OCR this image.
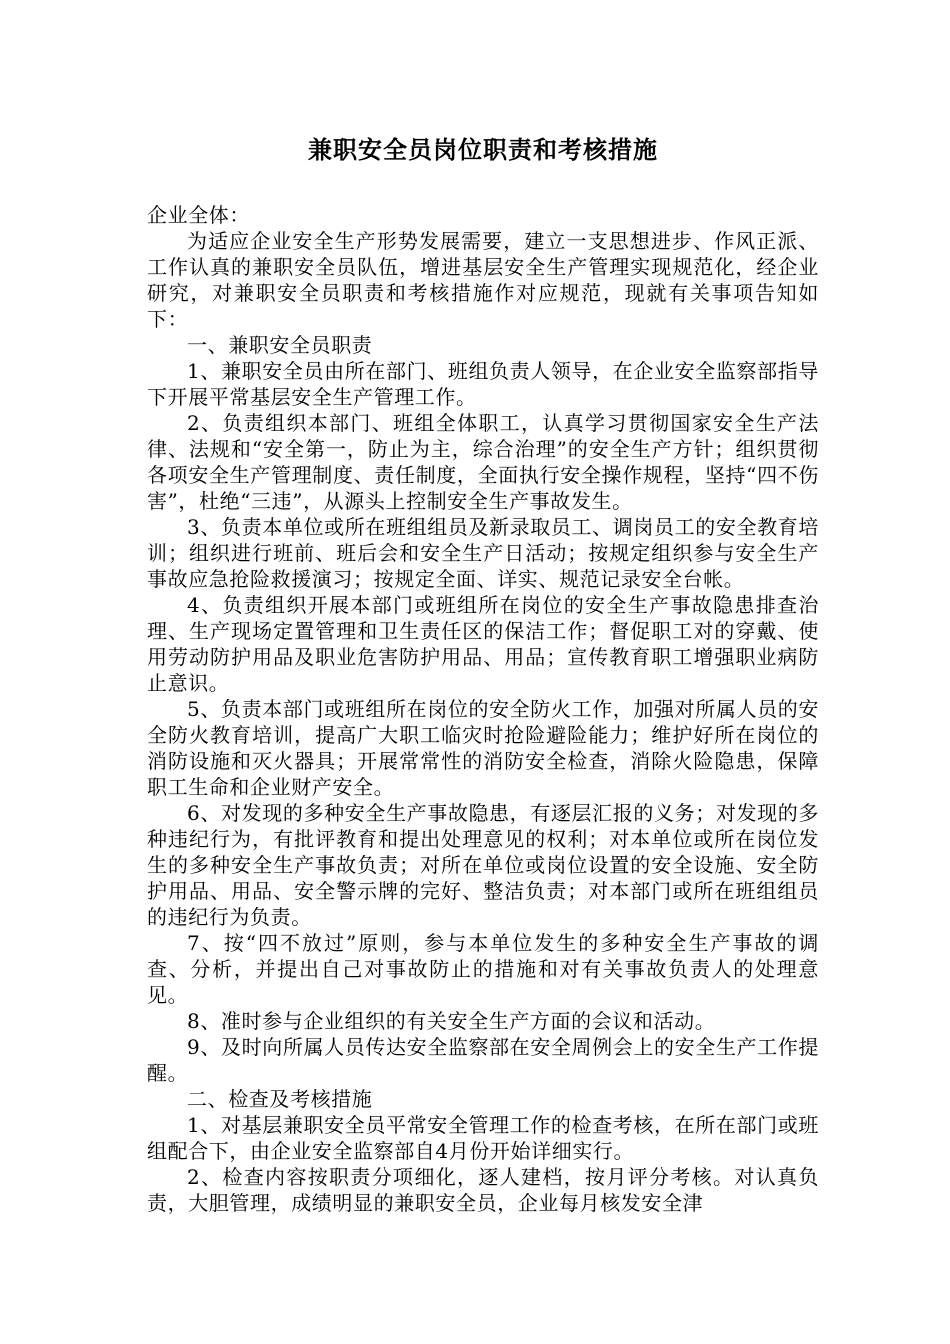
兼职安全员岗位职责和考核措施
企业全体：

为适应企业安全生产形势发展需要，建立一支思想进步、作风正派、工作认真的兼职安全员队伍，增进基层安全生产管理实现规范化，经企业研究，对兼职安全员职责和考核措施作对应规范，现就有关事项告知如下：

一、兼职安全员职责

1、兼职安全员由所在部门、班组负责人领导，在企业安全监察部指导下开展平常基层安全生产管理工作。

2、负责组织本部门、班组全体职工，认真学习贯彻国家安全生产法律、法规和“安全第一，防止为主，综合治理”的安全生产方针；组织贯彻各项安全生产管理制度、责任制度，全面执行安全操作规程，坚持“四不伤害”，杜绝“三违”，从源头上控制安全生产事故发生。

3、负责本单位或所在班组组员及新录取员工、调岗员工的安全教育培训；组织进行班前、班后会和安全生产日活动；按规定组织参与安全生产事故应急抢险救援演习；按规定全面、详实、规范记录安全台帐。

4、负责组织开展本部门或班组所在岗位的安全生产事故隐患排查治理、生产现场定置管理和卫生责任区的保洁工作；督促职工对的穿戴、使用劳动防护用品及职业危害防护用品、用品；宣传教育职工增强职业病防止意识。

5、负责本部门或班组所在岗位的安全防火工作，加强对所属人员的安全防火教育培训，提高广大职工临灾时抢险避险能力；维护好所在岗位的消防设施和灭火器具；开展常常性的消防安全检查，消除火险隐患，保障职工生命和企业财产安全。

6、对发现的多种安全生产事故隐患，有逐层汇报的义务；对发现的多种违纪行为，有批评教育和提出处理意见的权利；对本单位或所在岗位发生的多种安全生产事故负责；对所在单位或岗位设置的安全设施、安全防护用品、用品、安全警示牌的完好、整洁负责；对本部门或所在班组组员的违纪行为负责。

7、按“四不放过”原则，参与本单位发生的多种安全生产事故的调查、分析，并提出自己对事故防止的措施和对有关事故负责人的处理意见。

8、准时参与企业组织的有关安全生产方面的会议和活动。

9、及时向所属人员传达安全监察部在安全周例会上的安全生产工作提醒。

二、检查及考核措施

1、对基层兼职安全员平常安全管理工作的检查考核，在所在部门或班组配合下，由企业安全监察部自4月份开始详细实行。

2、检查内容按职责分项细化，逐人建档，按月评分考核。对认真负责，大胆管理，成绩明显的兼职安全员，企业每月核发安全津
